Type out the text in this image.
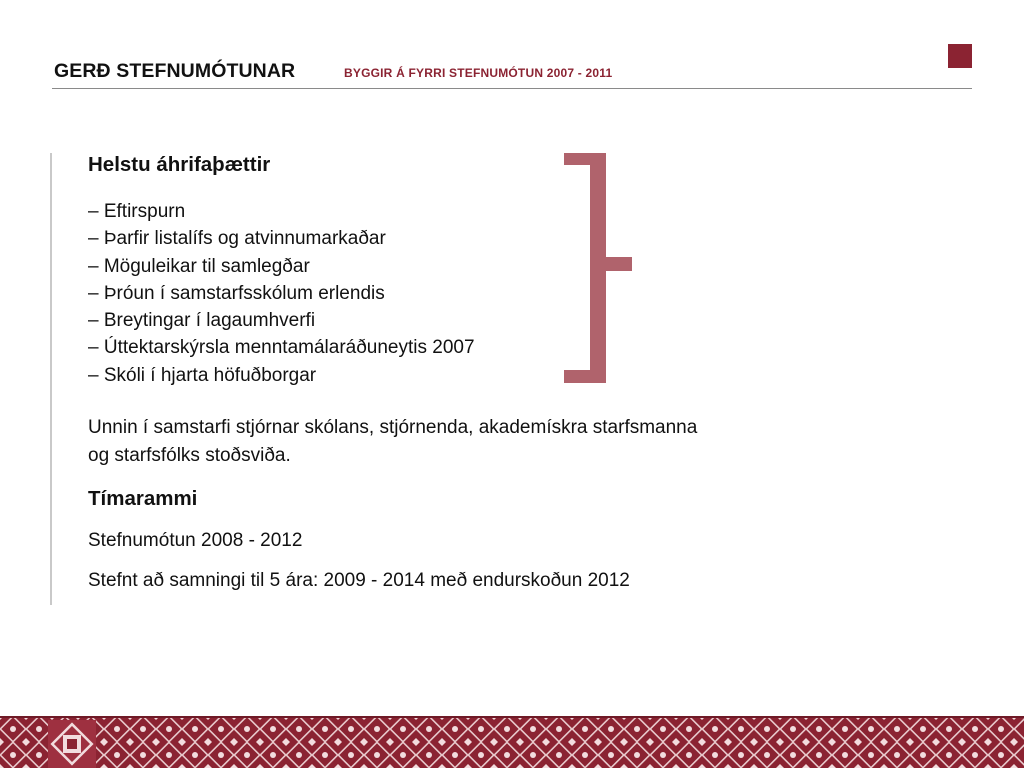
GERÐ STEFNUMÓTUNAR	BYGGIR Á FYRRI STEFNUMÓTUN 2007 - 2011
Helstu áhrifaþættir
– Eftirspurn
– Þarfir listalífs og atvinnumarkaðar
– Möguleikar til samlegðar
– Þróun í samstarfsskólum erlendis
– Breytingar í lagaumhverfi
– Úttektarskýrsla menntamálaráðuneytis 2007
– Skóli í hjarta höfuðborgar
Unnin í samstarfi stjórnar skólans, stjórnenda, akademískra starfsmanna
og starfsfólks stoðsviða.
Tímarammi
Stefnumótun 2008 - 2012
Stefnt að samningi til 5 ára: 2009 - 2014 með endurskoðun 2012
